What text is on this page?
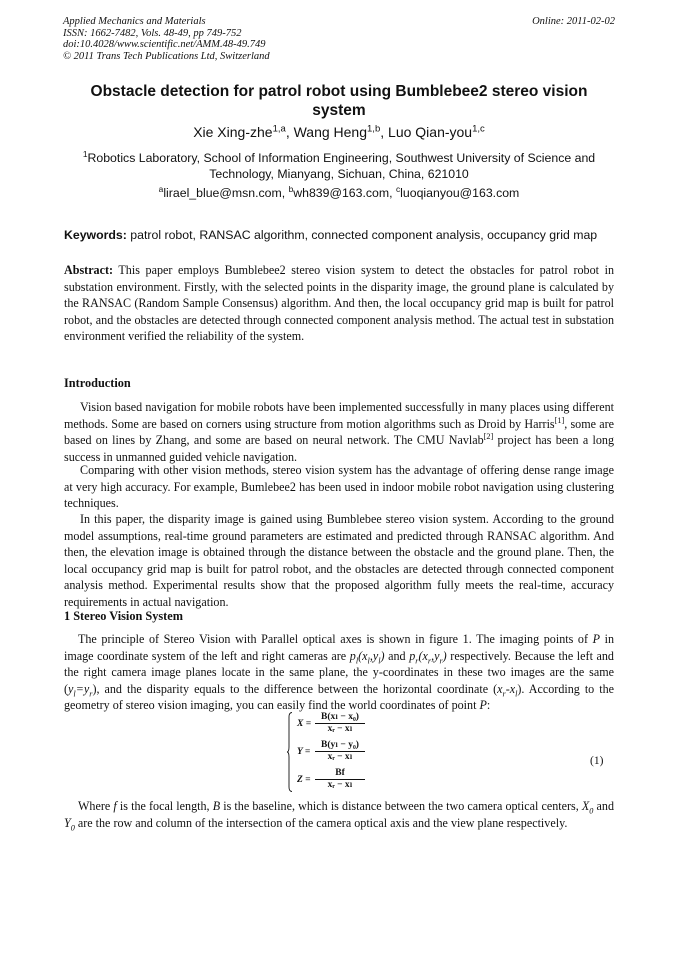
Applied Mechanics and Materials
ISSN: 1662-7482, Vols. 48-49, pp 749-752
doi:10.4028/www.scientific.net/AMM.48-49.749
© 2011 Trans Tech Publications Ltd, Switzerland
Online: 2011-02-02
Obstacle detection for patrol robot using Bumblebee2 stereo vision system
Xie Xing-zhe$^{1,a}$, Wang Heng$^{1,b}$, Luo Qian-you$^{1,c}$
$^1$Robotics Laboratory, School of Information Engineering, Southwest University of Science and Technology, Mianyang, Sichuan, China, 621010
$^a$lirael_blue@msn.com, $^b$wh839@163.com, $^c$luoqianyou@163.com
Keywords: patrol robot, RANSAC algorithm, connected component analysis, occupancy grid map

Abstract: This paper employs Bumblebee2 stereo vision system to detect the obstacles for patrol robot in substation environment. Firstly, with the selected points in the disparity image, the ground plane is calculated by the RANSAC (Random Sample Consensus) algorithm. And then, the local occupancy grid map is built for patrol robot, and the obstacles are detected through connected component analysis method. The actual test in substation environment verified the reliability of the system.

Introduction

Vision based navigation for mobile robots have been implemented successfully in many places using different methods. Some are based on corners using structure from motion algorithms such as Droid by Harris[1], some are based on lines by Zhang, and some are based on neural network. The CMU Navlab[2] project has been a long success in unmanned guided vehicle navigation.

Comparing with other vision methods, stereo vision system has the advantage of offering dense range image at very high accuracy. For example, Bumlebee2 has been used in indoor mobile robot navigation using clustering techniques.

In this paper, the disparity image is gained using Bumblebee stereo vision system. According to the ground model assumptions, real-time ground parameters are estimated and predicted through RANSAC algorithm. And then, the elevation image is obtained through the distance between the obstacle and the ground plane. Then, the local occupancy grid map is built for patrol robot, and the obstacles are detected through connected component analysis method. Experimental results show that the proposed algorithm fully meets the real-time, accuracy requirements in actual navigation.

1 Stereo Vision System

The principle of Stereo Vision with Parallel optical axes is shown in figure 1. The imaging points of P in image coordinate system of the left and right cameras are $p_l(x_l,y_l)$ and $p_r(x_r,y_r)$ respectively. Because the left and the right camera image planes locate in the same plane, the y-coordinates in these two images are the same $(y_l=y_r)$, and the disparity equals to the difference between the horizontal coordinate $(x_r-x_l)$. According to the geometry of stereo vision imaging, you can easily find the world coordinates of point P:

$X = \frac{\text{B(xₗ − x₀)}}{\text{xᵣ − xₗ}}$
$Y = \frac{\text{B(yₗ − y₀)}}{\text{xᵣ − xₗ}}$
$Z = \frac{Bf}{\text{xᵣ − xₗ}}$
(1)

Where f is the focal length, B is the baseline, which is distance between the two camera optical centers, $X_0$ and $Y_0$ are the row and column of the intersection of the camera optical axis and the view plane respectively.
